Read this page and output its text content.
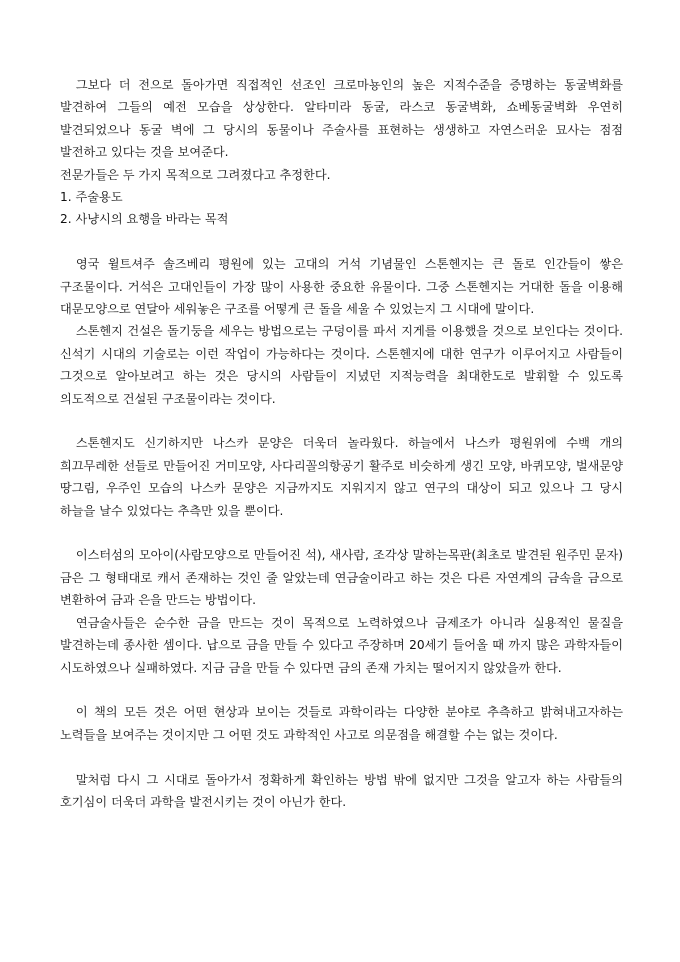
그보다 더 전으로 돌아가면 직접적인 선조인 크로마뇽인의 높은 지적수준을 증명하는 동굴벽화를 발견하여 그들의 예전 모습을 상상한다. 알타미라 동굴, 라스코 동굴벽화, 쇼베동굴벽화 우연히 발견되었으나 동굴 벽에 그 당시의 동물이나 주술사를 표현하는 생생하고 자연스러운 묘사는 점점 발전하고 있다는 것을 보여준다.

전문가들은 두 가지 목적으로 그려졌다고 추정한다.

1. 주술용도
2. 사냥시의 요행을 바라는 목적

영국 윌트셔주 솔즈베리 평원에 있는 고대의 거석 기념물인 스톤헨지는 큰 돌로 인간들이 쌓은 구조물이다. 거석은 고대인들이 가장 많이 사용한 중요한 유물이다. 그중 스톤헨지는 거대한 돌을 이용해 대문모양으로 연달아 세워놓은 구조를 어떻게 큰 돌을 세울 수 있었는지 그 시대에 말이다.

스톤헨지 건설은 돌기둥을 세우는 방법으로는 구덩이를 파서 지게를 이용했을 것으로 보인다는 것이다. 신석기 시대의 기술로는 이런 작업이 가능하다는 것이다. 스톤헨지에 대한 연구가 이루어지고 사람들이 그것으로 알아보려고 하는 것은 당시의 사람들이 지녔던 지적능력을 최대한도로 발휘할 수 있도록 의도적으로 건설된 구조물이라는 것이다.

스톤헨지도 신기하지만 나스카 문양은 더욱더 놀라웠다. 하늘에서 나스카 평원위에 수백 개의 희끄무레한 선들로 만들어진 거미모양, 사다리꼴의항공기 활주로 비슷하게 생긴 모양, 바퀴모양, 벌새문양 땅그림, 우주인 모습의 나스카 문양은 지금까지도 지워지지 않고 연구의 대상이 되고 있으나 그 당시 하늘을 날수 있었다는 추측만 있을 뿐이다.

이스터섬의 모아이(사람모양으로 만들어진 석), 새사람, 조각상 말하는목판(최초로 발견된 원주민 문자) 금은 그 형태대로 캐서 존재하는 것인 줄 알았는데 연금술이라고 하는 것은 다른 자연계의 금속을 금으로 변환하여 금과 은을 만드는 방법이다.

연금술사들은 순수한 금을 만드는 것이 목적으로 노력하였으나 금제조가 아니라 실용적인 물질을 발견하는데 종사한 셈이다. 납으로 금을 만들 수 있다고 주장하며 20세기 들어올 때 까지 많은 과학자들이 시도하였으나 실패하였다. 지금 금을 만들 수 있다면 금의 존재 가치는 떨어지지 않았을까 한다.

이 책의 모든 것은 어떤 현상과 보이는 것들로 과학이라는 다양한 분야로 추측하고 밝혀내고자하는 노력들을 보여주는 것이지만 그 어떤 것도 과학적인 사고로 의문점을 해결할 수는 없는 것이다.

말처럼 다시 그 시대로 돌아가서 정확하게 확인하는 방법 밖에 없지만 그것을 알고자 하는 사람들의 호기심이 더욱더 과학을 발전시키는 것이 아닌가 한다.
